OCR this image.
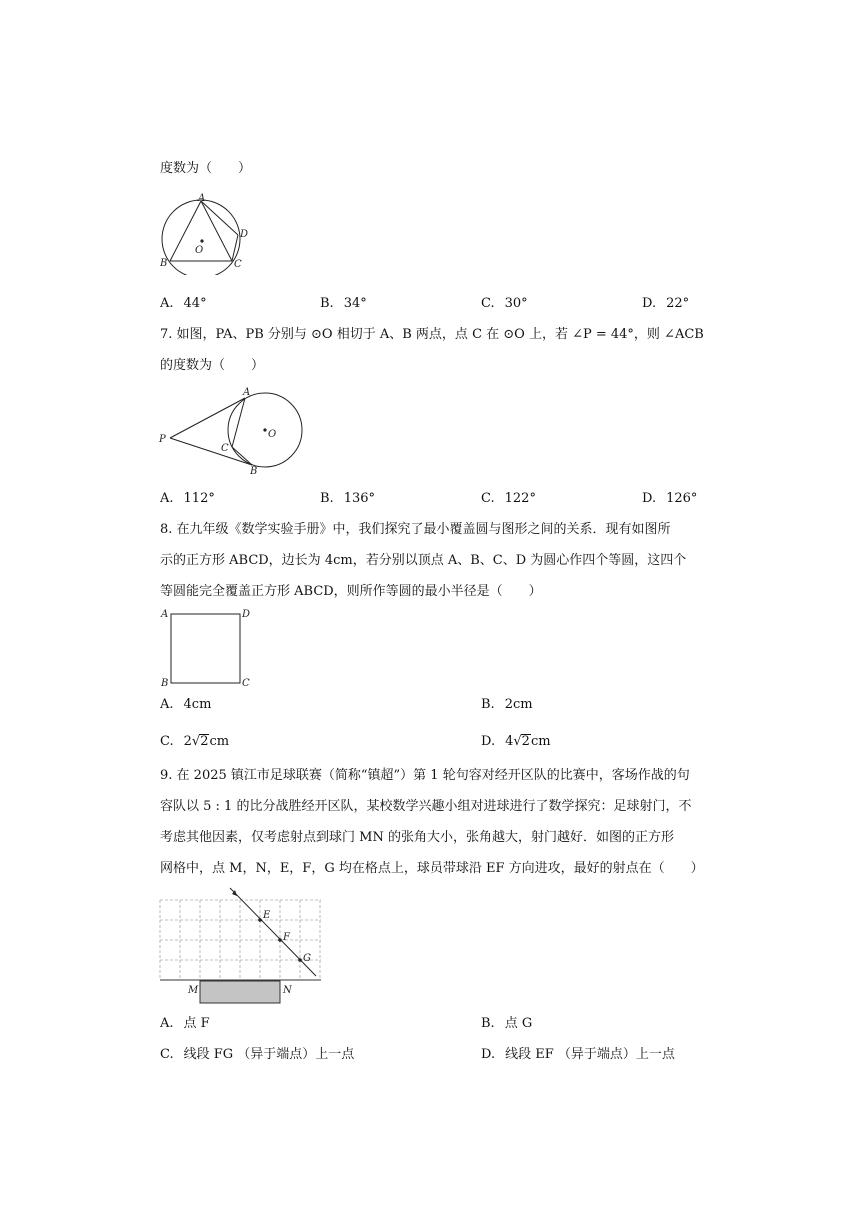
度数为（　　）
A
B	C
D
O
A. 44°	B. 34°	C. 30°	D. 22°
7. 如图，PA、PB 分别与 ⊙O 相切于 A、B 两点，点 C 在 ⊙O 上，若 ∠P = 44°，则 ∠ACB
的度数为（　　）
A
B
C
O
P
A. 112°	B. 136°	C. 122°	D. 126°
8. 在九年级《数学实验手册》中，我们探究了最小覆盖圆与图形之间的关系．现有如图所
示的正方形 ABCD，边长为 4cm，若分别以顶点 A、B、C、D 为圆心作四个等圆，这四个
等圆能完全覆盖正方形 ABCD，则所作等圆的最小半径是（　　）
A
B	C
D
A. 4cm	B. 2cm
C. 2√2cm	D. 4√2cm
9. 在 2025 镇江市足球联赛（简称“镇超”）第 1 轮句容对经开区队的比赛中，客场作战的句
容队以 5 : 1 的比分战胜经开区队，某校数学兴趣小组对进球进行了数学探究：足球射门，不
考虑其他因素，仅考虑射点到球门 MN 的张角大小，张角越大，射门越好．如图的正方形
网格中，点 M，N，E，F，G 均在格点上，球员带球沿 EF 方向进攻，最好的射点在（　　）
E
F
G
M	N
A. 点 F	B. 点 G
C. 线段 FG （异于端点）上一点	D. 线段 EF （异于端点）上一点
